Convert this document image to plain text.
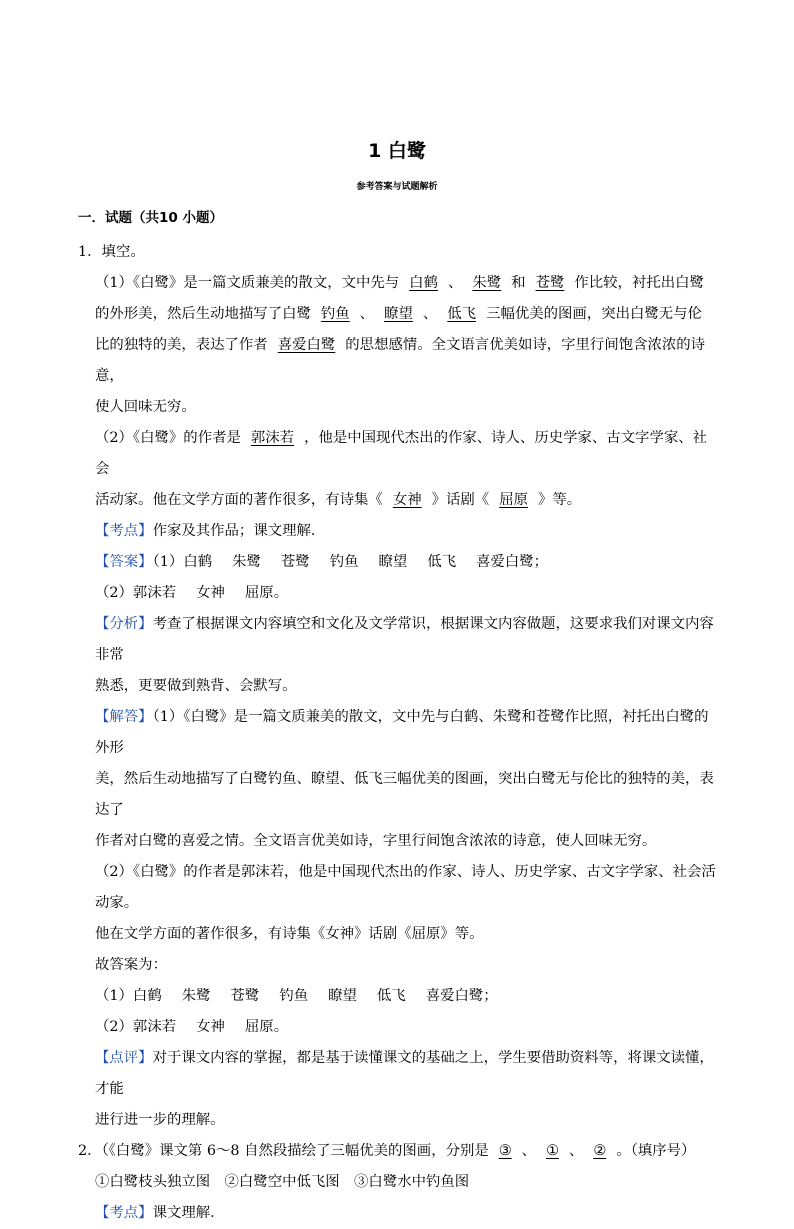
1 白鹭
参考答案与试题解析
一．试题（共10 小题）

1．填空。

（1）《白鹭》是一篇文质兼美的散文，文中先与 白鹤 、 朱鹭 和 苍鹭 作比较，衬托出白鹭

的外形美，然后生动地描写了白鹭 钓鱼 、 瞭望 、 低飞 三幅优美的图画，突出白鹭无与伦

比的独特的美，表达了作者 喜爱白鹭 的思想感情。全文语言优美如诗，字里行间饱含浓浓的诗意，

使人回味无穷。

（2）《白鹭》的作者是 郭沫若 ，他是中国现代杰出的作家、诗人、历史学家、古文字学家、社会

活动家。他在文学方面的著作很多，有诗集《 女神 》话剧《 屈原 》等。

【考点】作家及其作品；课文理解．

【答案】（1）白鹤 朱鹭 苍鹭 钓鱼 瞭望 低飞 喜爱白鹭；

（2）郭沫若 女神 屈原。

【分析】考查了根据课文内容填空和文化及文学常识，根据课文内容做题，这要求我们对课文内容非常

熟悉，更要做到熟背、会默写。

【解答】（1）《白鹭》是一篇文质兼美的散文，文中先与白鹤、朱鹭和苍鹭作比照，衬托出白鹭的外形

美，然后生动地描写了白鹭钓鱼、瞭望、低飞三幅优美的图画，突出白鹭无与伦比的独特的美，表达了

作者对白鹭的喜爱之情。全文语言优美如诗，字里行间饱含浓浓的诗意，使人回味无穷。

（2）《白鹭》的作者是郭沫若，他是中国现代杰出的作家、诗人、历史学家、古文字学家、社会活动家。

他在文学方面的著作很多，有诗集《女神》话剧《屈原》等。

故答案为：

（1）白鹤 朱鹭 苍鹭 钓鱼 瞭望 低飞 喜爱白鹭；

（2）郭沫若 女神 屈原。

【点评】对于课文内容的掌握，都是基于读懂课文的基础之上，学生要借助资料等，将课文读懂，才能

进行进一步的理解。

2．（《白鹭》课文第 6～8 自然段描绘了三幅优美的图画，分别是 ③ 、 ① 、 ② 。（填序号）

①白鹭枝头独立图　②白鹭空中低飞图　③白鹭水中钓鱼图

【考点】课文理解．
